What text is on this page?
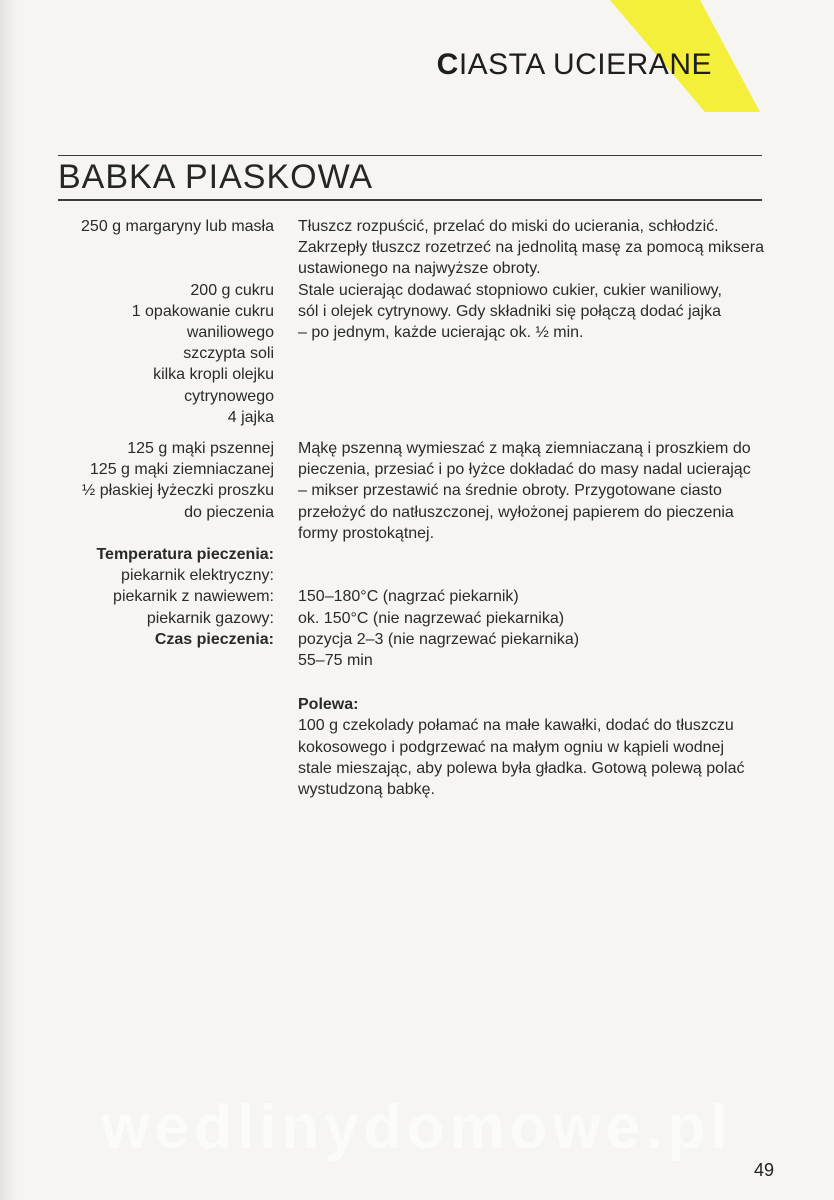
CIASTA UCIERANE
BABKA PIASKOWA
250 g margaryny lub masła
200 g cukru
1 opakowanie cukru
waniliowego
szczypta soli
kilka kropli olejku
cytrynowego
4 jajka
125 g mąki pszennej
125 g mąki ziemniaczanej
½ płaskiej łyżeczki proszku
do pieczenia
Temperatura pieczenia:
piekarnik elektryczny:
piekarnik z nawiewem:
piekarnik gazowy:
Czas pieczenia:
Tłuszcz rozpuścić, przelać do miski do ucierania, schłodzić.
Zakrzepły tłuszcz rozetrzeć na jednolitą masę za pomocą miksera
ustawionego na najwyższe obroty.
Stale ucierając dodawać stopniowo cukier, cukier waniliowy,
sól i olejek cytrynowy. Gdy składniki się połączą dodać jajka
– po jednym, każde ucierając ok. ½ min.
Mąkę pszenną wymieszać z mąką ziemniaczaną i proszkiem do
pieczenia, przesiać i po łyżce dokładać do masy nadal ucierając
– mikser przestawić na średnie obroty. Przygotowane ciasto
przełożyć do natłuszczonej, wyłożonej papierem do pieczenia
formy prostokątnej.
150–180°C (nagrzać piekarnik)
ok. 150°C (nie nagrzewać piekarnika)
pozycja 2–3 (nie nagrzewać piekarnika)
55–75 min
Polewa:
100 g czekolady połamać na małe kawałki, dodać do tłuszczu
kokosowego i podgrzewać na małym ogniu w kąpieli wodnej
stale mieszając, aby polewa była gładka. Gotową polewą polać
wystudzoną babkę.
wedlinydomowe.pl
49
